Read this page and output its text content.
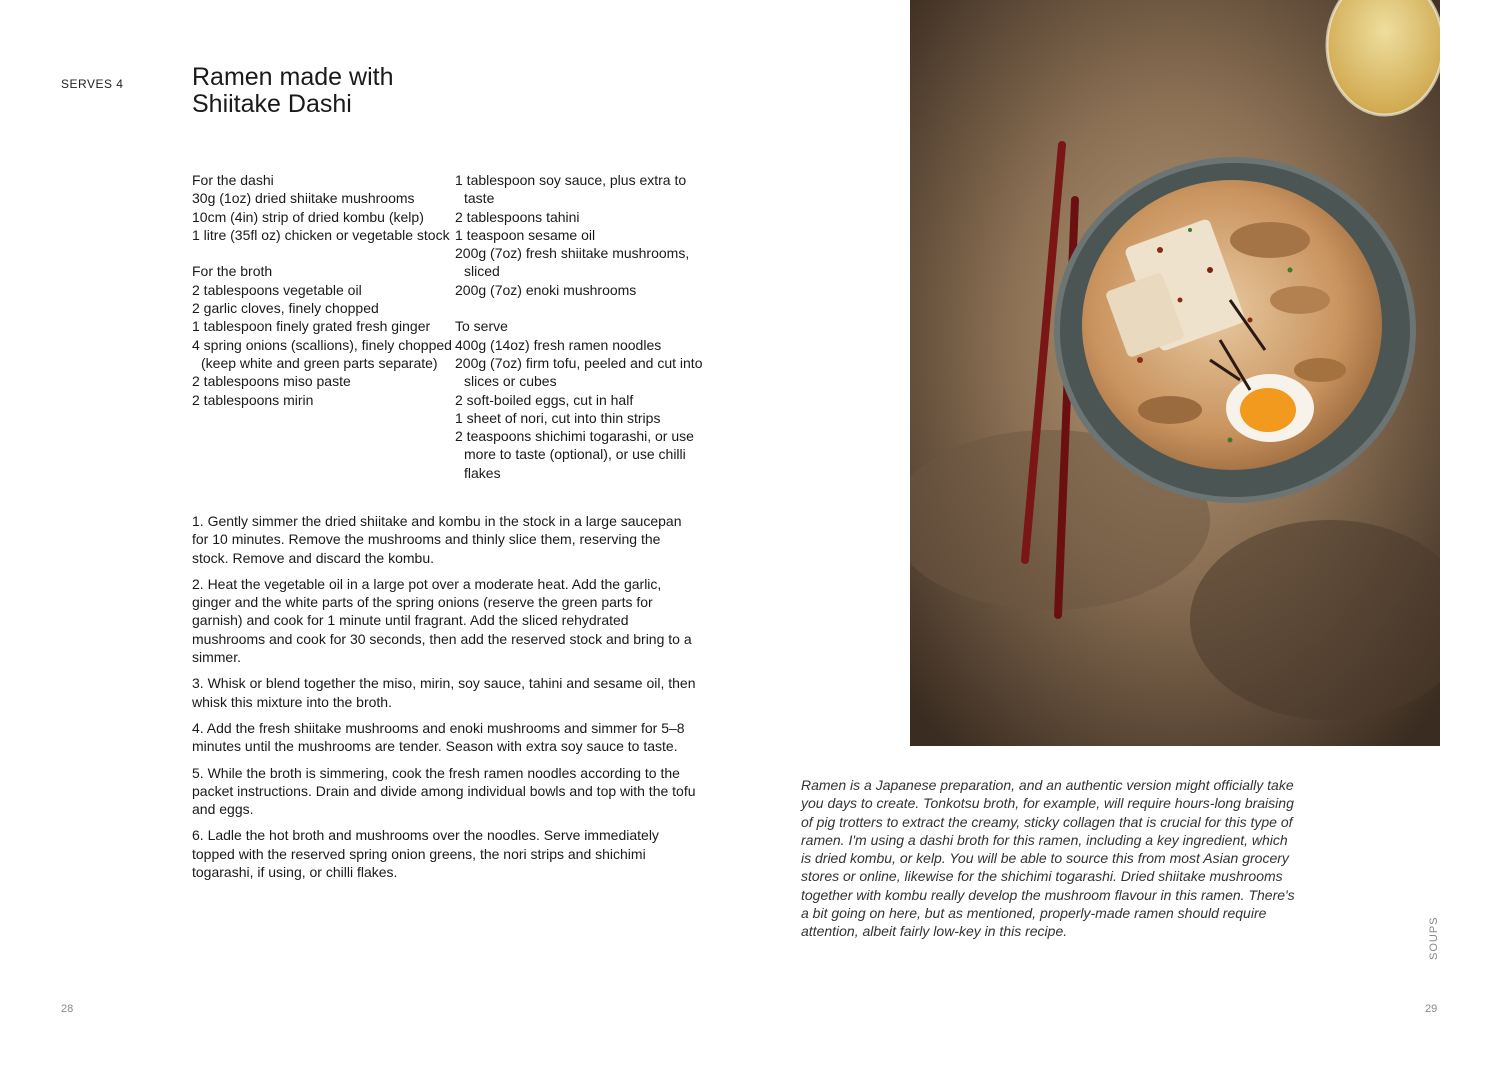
SERVES 4	Ramen made with
Shiitake Dashi
For the dashi
30g (1oz) dried shiitake mushrooms
10cm (4in) strip of dried kombu (kelp)
1 litre (35fl oz) chicken or vegetable stock
For the broth
2 tablespoons vegetable oil
2 garlic cloves, finely chopped
1 tablespoon finely grated fresh ginger
4 spring onions (scallions), finely chopped (keep white and green parts separate)
2 tablespoons miso paste
2 tablespoons mirin
1 tablespoon soy sauce, plus extra to taste
2 tablespoons tahini
1 teaspoon sesame oil
200g (7oz) fresh shiitake mushrooms, sliced
200g (7oz) enoki mushrooms
To serve
400g (14oz) fresh ramen noodles
200g (7oz) firm tofu, peeled and cut into slices or cubes
2 soft-boiled eggs, cut in half
1 sheet of nori, cut into thin strips
2 teaspoons shichimi togarashi, or use more to taste (optional), or use chilli flakes
1. Gently simmer the dried shiitake and kombu in the stock in a large saucepan for 10 minutes. Remove the mushrooms and thinly slice them, reserving the stock. Remove and discard the kombu.
2. Heat the vegetable oil in a large pot over a moderate heat. Add the garlic, ginger and the white parts of the spring onions (reserve the green parts for garnish) and cook for 1 minute until fragrant. Add the sliced rehydrated mushrooms and cook for 30 seconds, then add the reserved stock and bring to a simmer.
3. Whisk or blend together the miso, mirin, soy sauce, tahini and sesame oil, then whisk this mixture into the broth.
4. Add the fresh shiitake mushrooms and enoki mushrooms and simmer for 5–8 minutes until the mushrooms are tender. Season with extra soy sauce to taste.
5. While the broth is simmering, cook the fresh ramen noodles according to the packet instructions. Drain and divide among individual bowls and top with the tofu and eggs.
6. Ladle the hot broth and mushrooms over the noodles. Serve immediately topped with the reserved spring onion greens, the nori strips and shichimi togarashi, if using, or chilli flakes.
Ramen is a Japanese preparation, and an authentic version might officially take you days to create. Tonkotsu broth, for example, will require hours-long braising of pig trotters to extract the creamy, sticky collagen that is crucial for this type of ramen. I'm using a dashi broth for this ramen, including a key ingredient, which is dried kombu, or kelp. You will be able to source this from most Asian grocery stores or online, likewise for the shichimi togarashi. Dried shiitake mushrooms together with kombu really develop the mushroom flavour in this ramen. There's a bit going on here, but as mentioned, properly-made ramen should require attention, albeit fairly low-key in this recipe.	SOUPS
28	29
